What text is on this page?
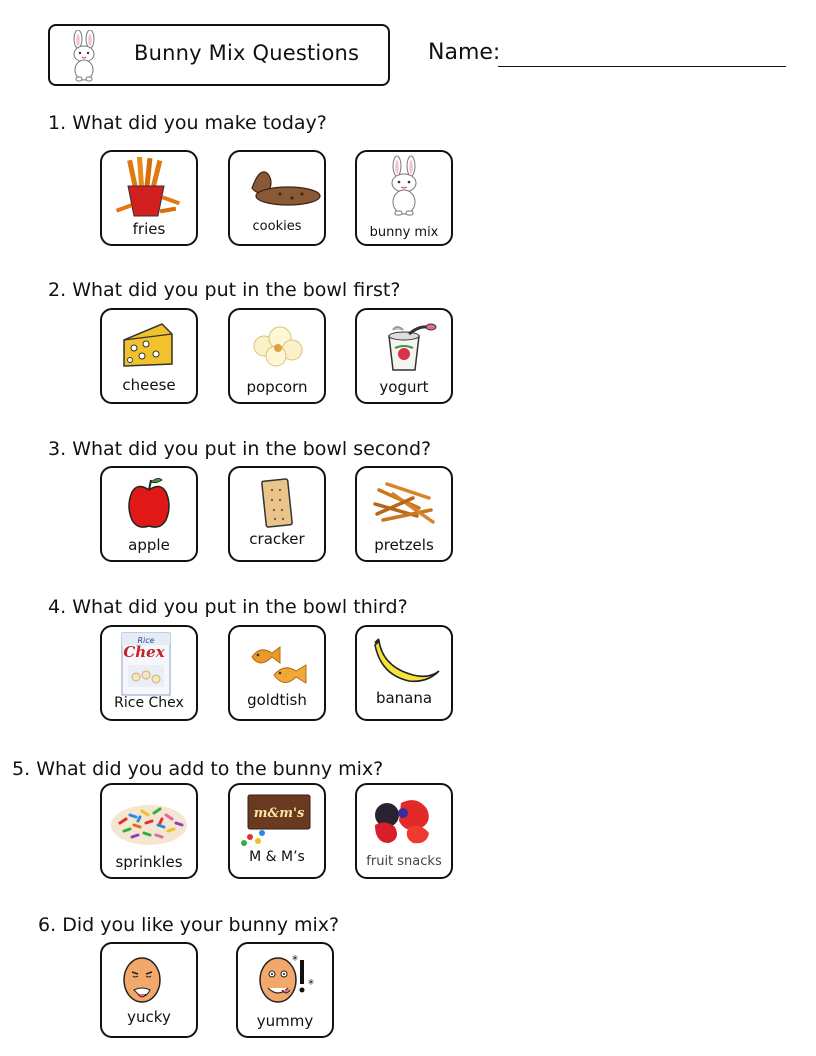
Bunny Mix Questions	Name:
1. What did you make today?
fries	cookies	bunny mix
2. What did you put in the bowl first?
cheese	popcorn	yogurt
3. What did you put in the bowl second?
apple	cracker	pretzels
4. What did you put in the bowl third?
Rice
Chex
Rice Chex	goldtish	banana
5. What did you add to the bunny mix?
sprinkles
m&m's
M & M’s	fruit snacks
6. Did you like your bunny mix?
yucky
*
*
yummy
